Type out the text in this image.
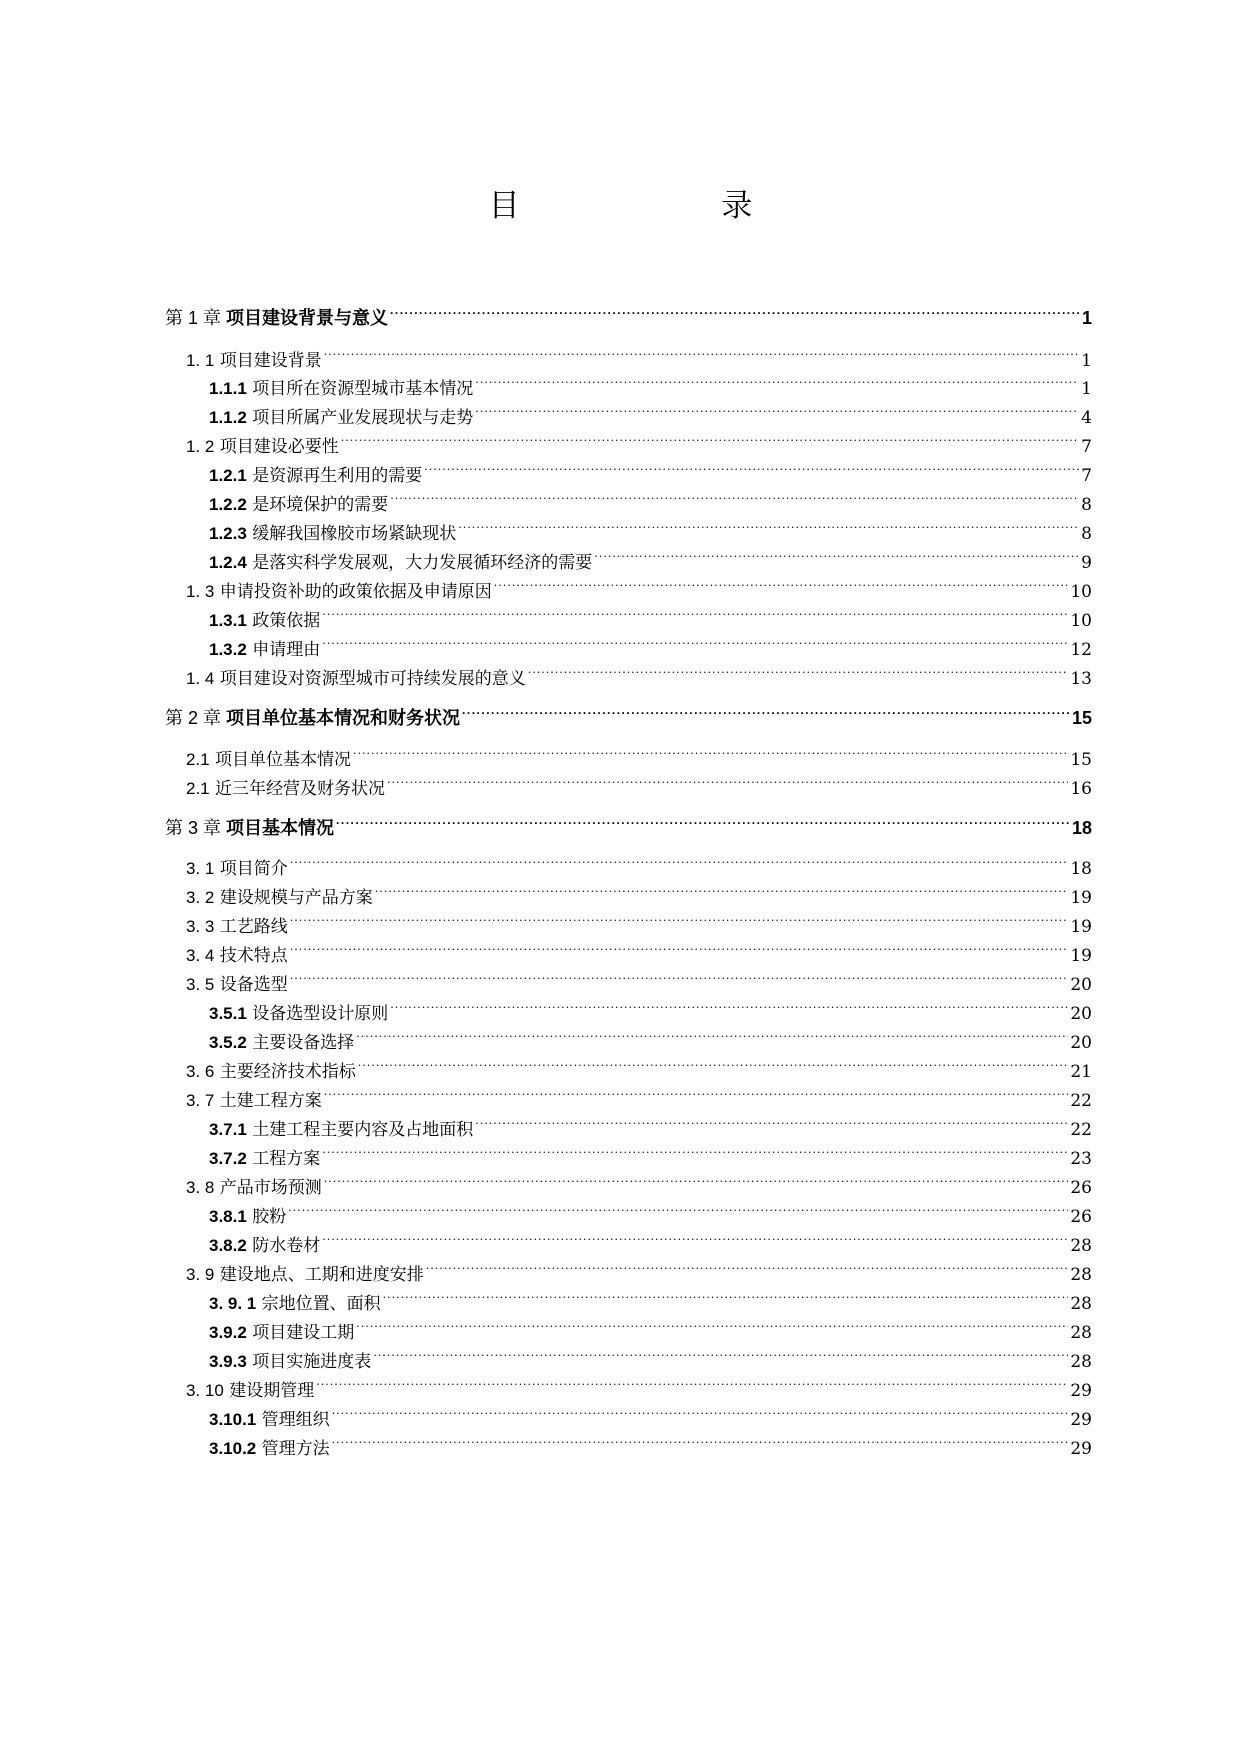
目 录
第 1 章 项目建设背景与意义 .....	1
1. 1 项目建设背景 .....	1
1.1.1 项目所在资源型城市基本情况 .....	1
1.1.2 项目所属产业发展现状与走势 .....	4
1. 2 项目建设必要性 .....	7
1.2.1 是资源再生利用的需要 .....	7
1.2.2 是环境保护的需要 .....	8
1.2.3 缓解我国橡胶市场紧缺现状 .....	8
1.2.4 是落实科学发展观，大力发展循环经济的需要 .....	9
1. 3 申请投资补助的政策依据及申请原因 .....	10
1.3.1 政策依据 .....	10
1.3.2 申请理由 .....	12
1. 4 项目建设对资源型城市可持续发展的意义 .....	13
第 2 章 项目单位基本情况和财务状况 .....	15
2.1 项目单位基本情况 .....	15
2.1 近三年经营及财务状况 .....	16
第 3 章 项目基本情况 .....	18
3. 1 项目简介 .....	18
3. 2 建设规模与产品方案 .....	19
3. 3 工艺路线 .....	19
3. 4 技术特点 .....	19
3. 5 设备选型 .....	20
3.5.1 设备选型设计原则 .....	20
3.5.2 主要设备选择 .....	20
3. 6 主要经济技术指标 .....	21
3. 7 土建工程方案 .....	22
3.7.1 土建工程主要内容及占地面积 .....	22
3.7.2 工程方案 .....	23
3. 8 产品市场预测 .....	26
3.8.1 胶粉 .....	26
3.8.2 防水卷材 .....	28
3. 9 建设地点、工期和进度安排 .....	28
3. 9. 1 宗地位置、面积 .....	28
3.9.2 项目建设工期 .....	28
3.9.3 项目实施进度表 .....	28
3. 10 建设期管理 .....	29
3.10.1 管理组织 .....	29
3.10.2 管理方法 .....	29
